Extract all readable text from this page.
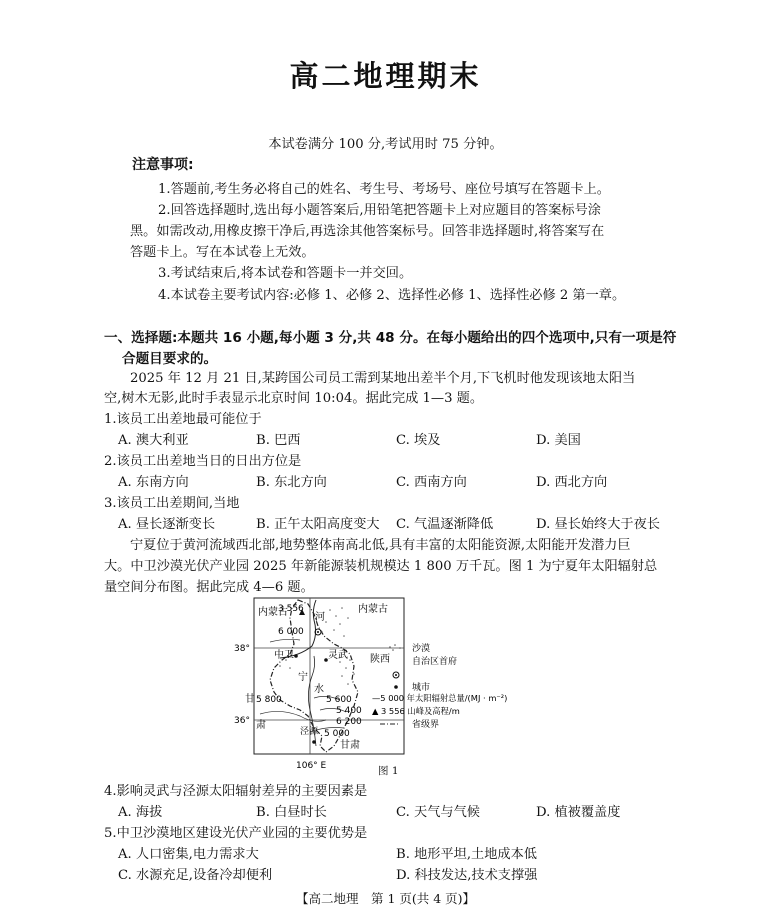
高二地理期末
本试卷满分 100 分,考试用时 75 分钟。
注意事项:
1.答题前,考生务必将自己的姓名、考生号、考场号、座位号填写在答题卡上。
2.回答选择题时,选出每小题答案后,用铅笔把答题卡上对应题目的答案标号涂
黑。如需改动,用橡皮擦干净后,再选涂其他答案标号。回答非选择题时,将答案写在
答题卡上。写在本试卷上无效。
3.考试结束后,将本试卷和答题卡一并交回。
4.本试卷主要考试内容:必修 1、必修 2、选择性必修 1、选择性必修 2 第一章。
一、选择题:本题共 16 小题,每小题 3 分,共 48 分。在每小题给出的四个选项中,只有一项是符
合题目要求的。
2025 年 12 月 21 日,某跨国公司员工需到某地出差半个月,下飞机时他发现该地太阳当
空,树木无影,此时手表显示北京时间 10:04。据此完成 1—3 题。
1.该员工出差地最可能位于
A. 澳大利亚	B. 巴西	C. 埃及	D. 美国
2.该员工出差地当日的日出方位是
A. 东南方向	B. 东北方向	C. 西南方向	D. 西北方向
3.该员工出差期间,当地
A. 昼长逐渐变长	B. 正午太阳高度变大 C. 气温逐渐降低	D. 昼长始终大于夜长
宁夏位于黄河流域西北部,地势整体南高北低,具有丰富的太阳能资源,太阳能开发潜力巨
大。中卫沙漠光伏产业园 2025 年新能源装机规模达 1 800 万千瓦。图 1 为宁夏年太阳辐射总
量空间分布图。据此完成 4—6 题。
内蒙古
3 556
6 000
河
内蒙古
中卫	灵武 陕西
宁
水
5 800
甘	5 600
5 400
6 200
肃
泾源 5 000
甘肃
38°
36°
106° E
沙漠
自治区首府
城市
—5 000 年太阳辐射总量/(MJ · m⁻²)
▲ 3 556 山峰及高程/m
省级界
图 1
4.影响灵武与泾源太阳辐射差异的主要因素是
A. 海拔	B. 白昼时长	C. 天气与气候	D. 植被覆盖度
5.中卫沙漠地区建设光伏产业园的主要优势是
A. 人口密集,电力需求大	B. 地形平坦,土地成本低
C. 水源充足,设备冷却便利	D. 科技发达,技术支撑强
【高二地理　第 1 页(共 4 页)】
